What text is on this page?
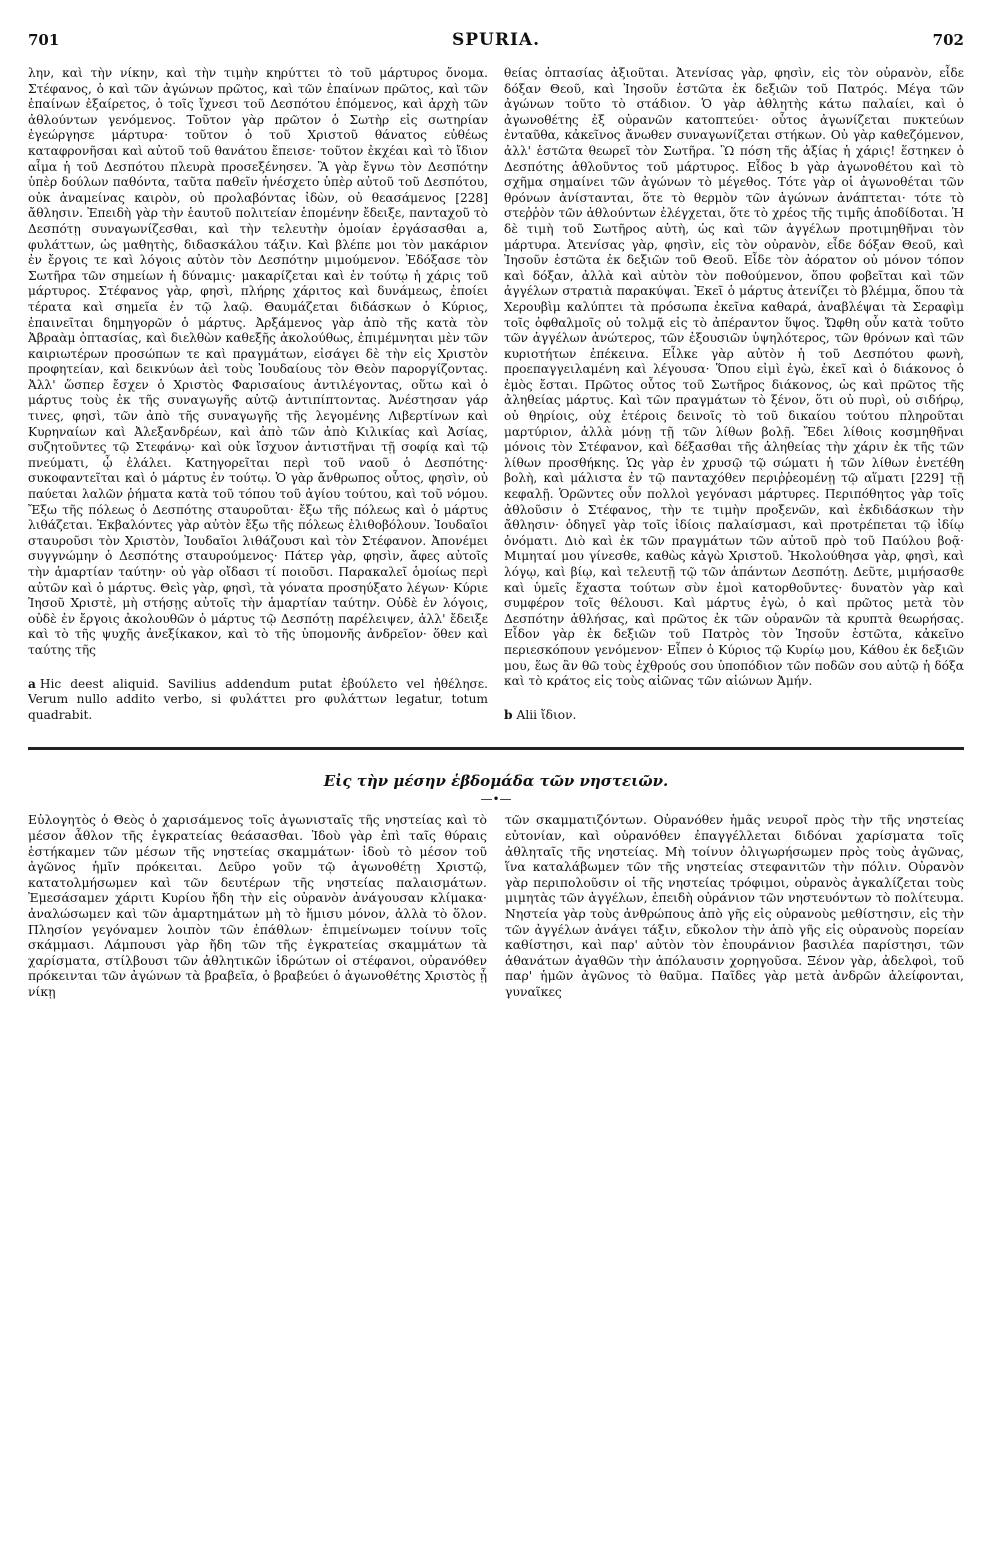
701	SPURIA.	702

λην, καὶ τὴν νίκην, καὶ τὴν τιμὴν κηρύττει τὸ τοῦ μάρτυρος ὄνομα. Στέφανος, ὁ καὶ τῶν ἀγώνων πρῶτος, καὶ τῶν ἐπαίνων πρῶτος, καὶ τῶν ἐπαίνων ἐξαίρετος, ὁ τοῖς ἴχνεσι τοῦ Δεσπότου ἑπόμενος, καὶ ἀρχὴ τῶν ἀθλούντων γενόμενος. Τοῦτον γὰρ πρῶτον ὁ Σωτὴρ εἰς σωτηρίαν ἐγεώργησε μάρτυρα· τοῦτον ὁ τοῦ Χριστοῦ θάνατος εὐθέως καταφρονῆσαι καὶ αὐτοῦ τοῦ θανάτου ἔπεισε· τοῦτον ἐκχέαι καὶ τὸ ἴδιον αἷμα ἡ τοῦ Δεσπότου πλευρὰ προσεξένησεν. Ἃ γὰρ ἔγνω τὸν Δεσπότην ὑπὲρ δούλων παθόντα, ταῦτα παθεῖν ἠνέσχετο ὑπὲρ αὐτοῦ τοῦ Δεσπότου, οὐκ ἀναμείνας καιρὸν, οὐ προλαβόντας ἰδὼν, οὐ θεασάμενος [228] ἄθλησιν. Ἐπειδὴ γὰρ τὴν ἑαυτοῦ πολιτείαν ἑπομένην ἔδειξε, πανταχοῦ τὸ Δεσπότῃ συναγωνίζεσθαι, καὶ τὴν τελευτὴν ὁμοίαν ἐργάσασθαι a, φυλάττων, ὡς μαθητὴς, διδασκάλου τάξιν. Καὶ βλέπε μοι τὸν μακάριον ἐν ἔργοις τε καὶ λόγοις αὐτὸν τὸν Δεσπότην μιμούμενον. Ἐδόξασε τὸν Σωτῆρα τῶν σημείων ἡ δύναμις· μακαρίζεται καὶ ἐν τούτῳ ἡ χάρις τοῦ μάρτυρος. Στέφανος γὰρ, φησὶ, πλήρης χάριτος καὶ δυνάμεως, ἐποίει τέρατα καὶ σημεῖα ἐν τῷ λαῷ. Θαυμάζεται διδάσκων ὁ Κύριος, ἐπαινεῖται δημηγορῶν ὁ μάρτυς. Ἀρξάμενος γὰρ ἀπὸ τῆς κατὰ τὸν Ἀβραὰμ ὀπτασίας, καὶ διελθὼν καθεξῆς ἀκολούθως, ἐπιμέμνηται μὲν τῶν καιριωτέρων προσώπων τε καὶ πραγμάτων, εἰσάγει δὲ τὴν εἰς Χριστὸν προφητείαν, καὶ δεικνύων ἀεὶ τοὺς Ἰουδαίους τὸν Θεὸν παροργίζοντας. Ἀλλ' ὥσπερ ἔσχεν ὁ Χριστὸς Φαρισαίους ἀντιλέγοντας, οὕτω καὶ ὁ μάρτυς τοὺς ἐκ τῆς συναγωγῆς αὐτῷ ἀντιπίπτοντας. Ἀνέστησαν γάρ τινες, φησὶ, τῶν ἀπὸ τῆς συναγωγῆς τῆς λεγομένης Λιβερτίνων καὶ Κυρηναίων καὶ Ἀλεξανδρέων, καὶ ἀπὸ τῶν ἀπὸ Κιλικίας καὶ Ἀσίας, συζητοῦντες τῷ Στεφάνῳ· καὶ οὐκ ἴσχυον ἀντιστῆναι τῇ σοφίᾳ καὶ τῷ πνεύματι, ᾧ ἐλάλει. Κατηγορεῖται περὶ τοῦ ναοῦ ὁ Δεσπότης· συκοφαντεῖται καὶ ὁ μάρτυς ἐν τούτῳ. Ὁ γὰρ ἄνθρωπος οὗτος, φησὶν, οὐ παύεται λαλῶν ῥήματα κατὰ τοῦ τόπου τοῦ ἁγίου τούτου, καὶ τοῦ νόμου. Ἔξω τῆς πόλεως ὁ Δεσπότης σταυροῦται· ἔξω τῆς πόλεως καὶ ὁ μάρτυς λιθάζεται. Ἐκβαλόντες γὰρ αὐτὸν ἔξω τῆς πόλεως ἐλιθοβόλουν. Ἰουδαῖοι σταυροῦσι τὸν Χριστὸν, Ἰουδαῖοι λιθάζουσι καὶ τὸν Στέφανον. Ἀπονέμει συγγνώμην ὁ Δεσπότης σταυρούμενος· Πάτερ γὰρ, φησὶν, ἄφες αὐτοῖς τὴν ἁμαρτίαν ταύτην· οὐ γὰρ οἴδασι τί ποιοῦσι. Παρακαλεῖ ὁμοίως περὶ αὐτῶν καὶ ὁ μάρτυς. Θεὶς γὰρ, φησὶ, τὰ γόνατα προσηύξατο λέγων· Κύριε Ἰησοῦ Χριστὲ, μὴ στήσῃς αὐτοῖς τὴν ἁμαρτίαν ταύτην. Οὐδὲ ἐν λόγοις, οὐδὲ ἐν ἔργοις ἀκολουθῶν ὁ μάρτυς τῷ Δεσπότῃ παρέλειψεν, ἀλλ' ἔδειξε καὶ τὸ τῆς ψυχῆς ἀνεξίκακον, καὶ τὸ τῆς ὑπομονῆς ἀνδρεῖον· ὅθεν καὶ ταύτης τῆς

a Hic deest aliquid. Savilius addendum putat ἐβούλετο vel ἠθέλησε. Verum nullo addito verbo, si φυλάττει pro φυλάττων legatur, totum quadrabit.

θείας ὀπτασίας ἀξιοῦται. Ἀτενίσας γὰρ, φησὶν, εἰς τὸν οὐρανὸν, εἶδε δόξαν Θεοῦ, καὶ Ἰησοῦν ἑστῶτα ἐκ δεξιῶν τοῦ Πατρός. Μέγα τῶν ἀγώνων τοῦτο τὸ στάδιον. Ὁ γὰρ ἀθλητὴς κάτω παλαίει, καὶ ὁ ἀγωνοθέτης ἐξ οὐρανῶν κατοπτεύει· οὗτος ἀγωνίζεται πυκτεύων ἐνταῦθα, κἀκεῖνος ἄνωθεν συναγωνίζεται στήκων. Οὐ γὰρ καθεζόμενον, ἀλλ' ἑστῶτα θεωρεῖ τὸν Σωτῆρα. Ὢ πόση τῆς ἀξίας ἡ χάρις! ἕστηκεν ὁ Δεσπότης ἀθλοῦντος τοῦ μάρτυρος. Εἶδος b γὰρ ἀγωνοθέτου καὶ τὸ σχῆμα σημαίνει τῶν ἀγώνων τὸ μέγεθος. Τότε γὰρ οἱ ἀγωνοθέται τῶν θρόνων ἀνίστανται, ὅτε τὸ θερμὸν τῶν ἀγώνων ἀνάπτεται· τότε τὸ στεῤῥὸν τῶν ἀθλούντων ἐλέγχεται, ὅτε τὸ χρέος τῆς τιμῆς ἀποδίδοται. Ἡ δὲ τιμὴ τοῦ Σωτῆρος αὐτὴ, ὡς καὶ τῶν ἀγγέλων προτιμηθῆναι τὸν μάρτυρα. Ἀτενίσας γὰρ, φησὶν, εἰς τὸν οὐρανὸν, εἶδε δόξαν Θεοῦ, καὶ Ἰησοῦν ἑστῶτα ἐκ δεξιῶν τοῦ Θεοῦ. Εἶδε τὸν ἀόρατον οὐ μόνον τόπον καὶ δόξαν, ἀλλὰ καὶ αὐτὸν τὸν ποθούμενον, ὅπου φοβεῖται καὶ τῶν ἀγγέλων στρατιὰ παρακύψαι. Ἐκεῖ ὁ μάρτυς ἀτενίζει τὸ βλέμμα, ὅπου τὰ Χερουβὶμ καλύπτει τὰ πρόσωπα ἐκεῖνα καθαρά, ἀναβλέψαι τὰ Σεραφὶμ τοῖς ὀφθαλμοῖς οὐ τολμᾷ εἰς τὸ ἀπέραντον ὕψος. Ὤφθη οὖν κατὰ τοῦτο τῶν ἀγγέλων ἀνώτερος, τῶν ἐξουσιῶν ὑψηλότερος, τῶν θρόνων καὶ τῶν κυριοτήτων ἐπέκεινα. Εἶλκε γὰρ αὐτὸν ἡ τοῦ Δεσπότου φωνὴ, προεπαγγειλαμένη καὶ λέγουσα· Ὅπου εἰμὶ ἐγὼ, ἐκεῖ καὶ ὁ διάκονος ὁ ἐμὸς ἔσται. Πρῶτος οὗτος τοῦ Σωτῆρος διάκονος, ὡς καὶ πρῶτος τῆς ἀληθείας μάρτυς. Καὶ τῶν πραγμάτων τὸ ξένον, ὅτι οὐ πυρὶ, οὐ σιδήρῳ, οὐ θηρίοις, οὐχ ἑτέροις δεινοῖς τὸ τοῦ δικαίου τούτου πληροῦται μαρτύριον, ἀλλὰ μόνῃ τῇ τῶν λίθων βολῇ. Ἔδει λίθοις κοσμηθῆναι μόνοις τὸν Στέφανον, καὶ δέξασθαι τῆς ἀληθείας τὴν χάριν ἐκ τῆς τῶν λίθων προσθήκης. Ὡς γὰρ ἐν χρυσῷ τῷ σώματι ἡ τῶν λίθων ἐνετέθη βολὴ, καὶ μάλιστα ἐν τῷ πανταχόθεν περιῤῥεομένῃ τῷ αἵματι [229] τῇ κεφαλῇ. Ὁρῶντες οὖν πολλοὶ γεγόνασι μάρτυρες. Περιπόθητος γὰρ τοῖς ἀθλοῦσιν ὁ Στέφανος, τὴν τε τιμὴν προξενῶν, καὶ ἐκδιδάσκων τὴν ἄθλησιν· ὁδηγεῖ γὰρ τοῖς ἰδίοις παλαίσμασι, καὶ προτρέπεται τῷ ἰδίῳ ὀνόματι. Διὸ καὶ ἐκ τῶν πραγμάτων τῶν αὐτοῦ πρὸ τοῦ Παύλου βοᾷ· Μιμηταί μου γίνεσθε, καθὼς κἀγὼ Χριστοῦ. Ἠκολούθησα γὰρ, φησὶ, καὶ λόγῳ, καὶ βίῳ, καὶ τελευτῇ τῷ τῶν ἁπάντων Δεσπότῃ. Δεῦτε, μιμήσασθε καὶ ὑμεῖς ἔχαστα τούτων σὺν ἐμοὶ κατορθοῦντες· δυνατὸν γὰρ καὶ συμφέρον τοῖς θέλουσι. Καὶ μάρτυς ἐγὼ, ὁ καὶ πρῶτος μετὰ τὸν Δεσπότην ἀθλήσας, καὶ πρῶτος ἐκ τῶν οὐρανῶν τὰ κρυπτὰ θεωρήσας. Εἶδον γὰρ ἐκ δεξιῶν τοῦ Πατρὸς τὸν Ἰησοῦν ἑστῶτα, κἀκεῖνο περιεσκόπουν γενόμενον· Εἶπεν ὁ Κύριος τῷ Κυρίῳ μου, Κάθου ἐκ δεξιῶν μου, ἕως ἂν θῶ τοὺς ἐχθρούς σου ὑποπόδιον τῶν ποδῶν σου αὐτῷ ἡ δόξα καὶ τὸ κράτος εἰς τοὺς αἰῶνας τῶν αἰώνων Ἀμήν.

b Alii ἴδιον.

Εἰς τὴν μέσην ἑβδομάδα τῶν νηστειῶν.
—•—

Εὐλογητὸς ὁ Θεὸς ὁ χαρισάμενος τοῖς ἀγωνισταῖς τῆς νηστείας καὶ τὸ μέσον ἆθλον τῆς ἐγκρατείας θεάσασθαι. Ἰδοὺ γὰρ ἐπὶ ταῖς θύραις ἑστήκαμεν τῶν μέσων τῆς νηστείας σκαμμάτων· ἰδοὺ τὸ μέσον τοῦ ἀγῶνος ἡμῖν πρόκειται. Δεῦρο γοῦν τῷ ἀγωνοθέτῃ Χριστῷ, κατατολμήσωμεν καὶ τῶν δευτέρων τῆς νηστείας παλαισμάτων. Ἐμεσάσαμεν χάριτι Κυρίου ἤδη τὴν εἰς οὐρανὸν ἀνάγουσαν κλίμακα· ἀναλώσωμεν καὶ τῶν ἁμαρτημάτων μὴ τὸ ἥμισυ μόνον, ἀλλὰ τὸ ὅλον. Πλησίον γεγόναμεν λοιπὸν τῶν ἐπάθλων· ἐπιμείνωμεν τοίνυν τοῖς σκάμμασι. Λάμπουσι γὰρ ἤδη τῶν τῆς ἐγκρατείας σκαμμάτων τὰ χαρίσματα, στίλβουσι τῶν ἀθλητικῶν ἱδρώτων οἱ στέφανοι, οὐρανόθεν πρόκεινται τῶν ἀγώνων τὰ βραβεῖα, ὁ βραβεύει ὁ ἀγωνοθέτης Χριστὸς ᾗ νίκῃ

τῶν σκαμματιζόντων. Οὐρανόθεν ἡμᾶς νευροῖ πρὸς τὴν τῆς νηστείας εὐτονίαν, καὶ οὐρανόθεν ἐπαγγέλλεται διδόναι χαρίσματα τοῖς ἀθληταῖς τῆς νηστείας. Μὴ τοίνυν ὀλιγωρήσωμεν πρὸς τοὺς ἀγῶνας, ἵνα καταλάβωμεν τῶν τῆς νηστείας στεφανιτῶν τὴν πόλιν. Οὐρανὸν γὰρ περιπολοῦσιν οἱ τῆς νηστείας τρόφιμοι, οὐρανὸς ἀγκαλίζεται τοὺς μιμητὰς τῶν ἀγγέλων, ἐπειδὴ οὐράνιον τῶν νηστευόντων τὸ πολίτευμα. Νηστεία γὰρ τοὺς ἀνθρώπους ἀπὸ γῆς εἰς οὐρανοὺς μεθίστησιν, εἰς τὴν τῶν ἀγγέλων ἀνάγει τάξιν, εὔκολον τὴν ἀπὸ γῆς εἰς οὐρανοὺς πορείαν καθίστησι, καὶ παρ' αὐτὸν τὸν ἐπουράνιον βασιλέα παρίστησι, τῶν ἀθανάτων ἀγαθῶν τὴν ἀπόλαυσιν χορηγοῦσα. Ξένον γὰρ, ἀδελφοὶ, τοῦ παρ' ἡμῶν ἀγῶνος τὸ θαῦμα. Παῖδες γὰρ μετὰ ἀνδρῶν ἀλείφονται, γυναῖκες
